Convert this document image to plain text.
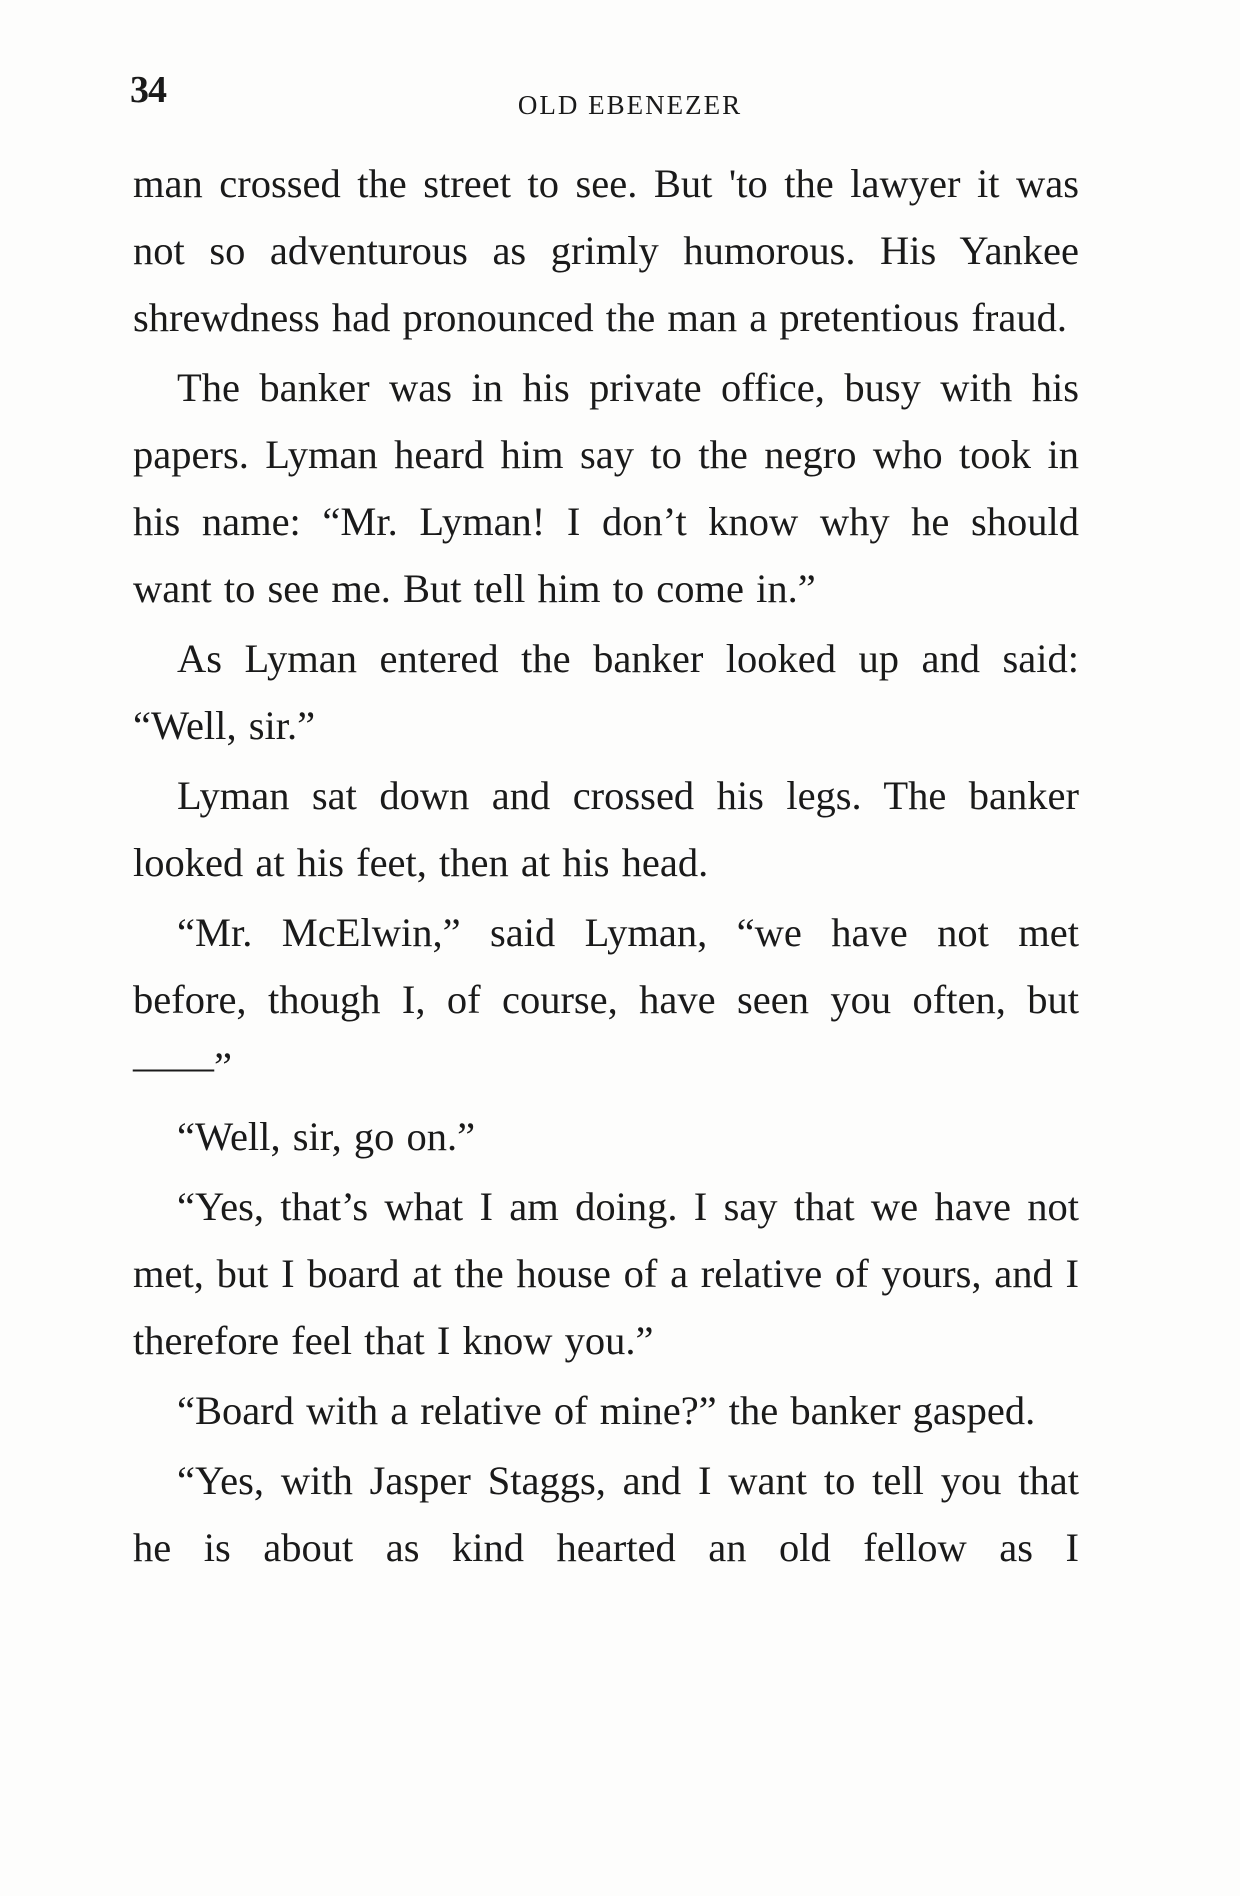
34	OLD EBENEZER

man crossed the street to see. But 'to the lawyer it was not so adventurous as grimly humorous. His Yankee shrewdness had pronounced the man a pretentious fraud.

The banker was in his private office, busy with his papers. Lyman heard him say to the negro who took in his name: “Mr. Lyman! I don’t know why he should want to see me. But tell him to come in.”

As Lyman entered the banker looked up and said: “Well, sir.”

Lyman sat down and crossed his legs. The banker looked at his feet, then at his head.

“Mr. McElwin,” said Lyman, “we have not met before, though I, of course, have seen you often, but——”

“Well, sir, go on.”

“Yes, that’s what I am doing. I say that we have not met, but I board at the house of a relative of yours, and I therefore feel that I know you.”

“Board with a relative of mine?” the banker gasped.

“Yes, with Jasper Staggs, and I want to tell you that he is about as kind hearted an old fellow as I
